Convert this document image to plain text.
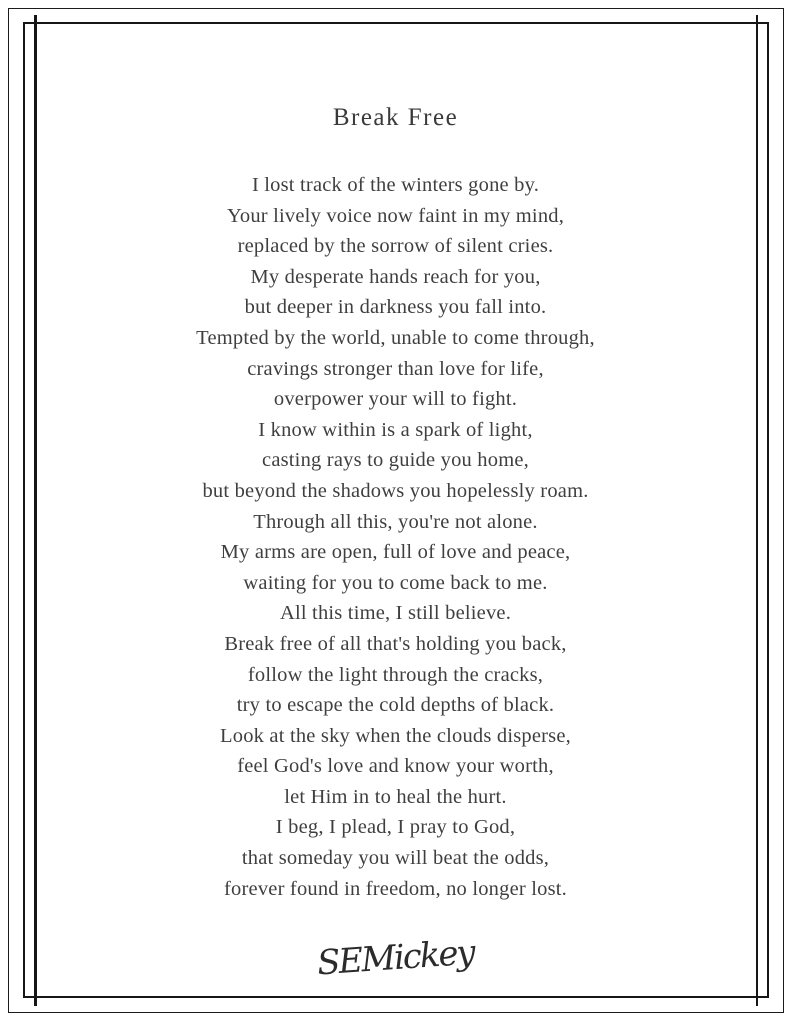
Break Free
I lost track of the winters gone by.
Your lively voice now faint in my mind,
replaced by the sorrow of silent cries.
My desperate hands reach for you,
but deeper in darkness you fall into.
Tempted by the world, unable to come through,
cravings stronger than love for life,
overpower your will to fight.
I know within is a spark of light,
casting rays to guide you home,
but beyond the shadows you hopelessly roam.
Through all this, you're not alone.
My arms are open, full of love and peace,
waiting for you to come back to me.
All this time, I still believe.
Break free of all that's holding you back,
follow the light through the cracks,
try to escape the cold depths of black.
Look at the sky when the clouds disperse,
feel God's love and know your worth,
let Him in to heal the hurt.
I beg, I plead, I pray to God,
that someday you will beat the odds,
forever found in freedom, no longer lost.
SEMickey
